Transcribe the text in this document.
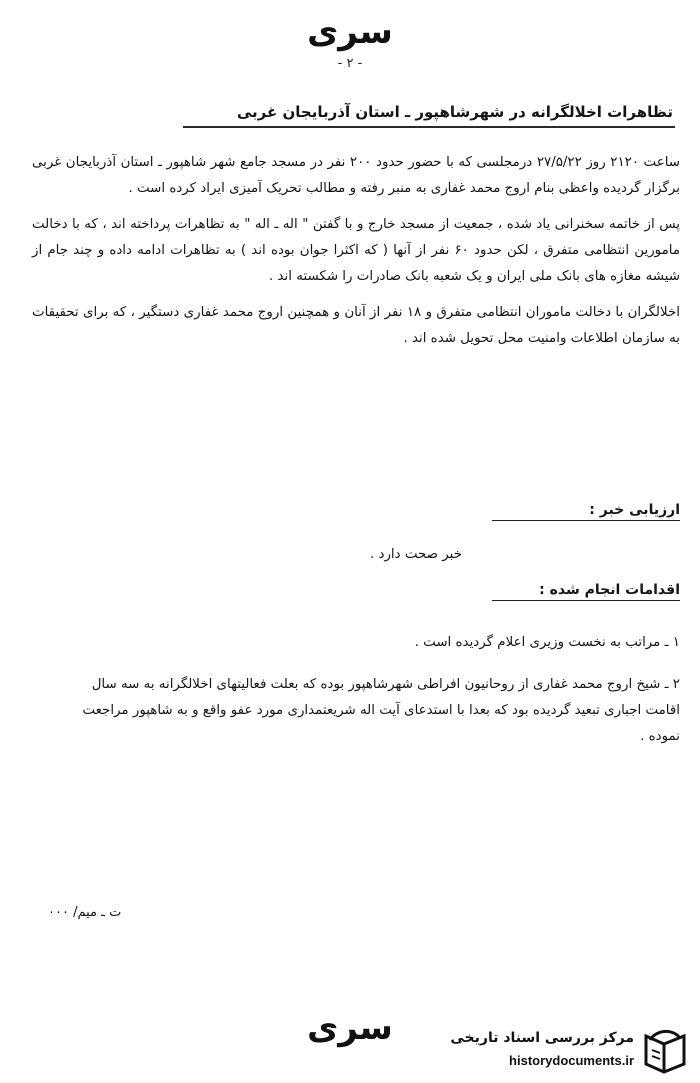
سری
- ۲ -
تظاهرات اخلالگرانه در شهرشاهپور ـ استان آذربایجان غربی

ساعت ۲۱۲۰ روز ۲۷/۵/۲۲ درمجلسی که با حضور حدود ۲۰۰ نفر در مسجد جامع شهر شاهپور ـ استان آذربایجان غربی برگزار گردیده واعظی بنام اروج محمد غفاری به منبر رفته و مطالب تحریک آمیزی ایراد کرده است .

پس از خاتمه سخنرانی یاد شده ، جمعیت از مسجد خارج و با گفتن " اله ـ اله " به تظاهرات پرداخته اند ، که با دخالت مامورین انتظامی متفرق ، لکن حدود ۶۰ نفر از آنها ( که اکثرا جوان بوده اند ) به تظاهرات ادامه داده و چند جام از شیشه مغازه های بانک ملی ایران و یک شعبه بانک صادرات را شکسته اند .

اخلالگران با دخالت ماموران انتظامی متفرق و ۱۸ نفر از آنان و همچنین اروج محمد غفاری دستگیر ، که برای تحقیقات به سازمان اطلاعات وامنیت محل تحویل شده اند .

ارزیابی خبر :
خبر صحت دارد .
اقدامات انجام شده :
۱ ـ مراتب به نخست وزیری اعلام گردیده است .
۲ ـ شیخ اروج محمد غفاری از روحانیون افراطی شهرشاهپور بوده که بعلت فعالیتهای اخلالگرانه به سه سال اقامت اجباری تبعید گردیده بود که بعدا با استدعای آیت اله شریعتمداری مورد عفو واقع و به شاهپور مراجعت نموده .
ت ـ میم/ ۰۰۰
سری	مرکز بررسی اسناد تاریخی
historydocuments.ir
